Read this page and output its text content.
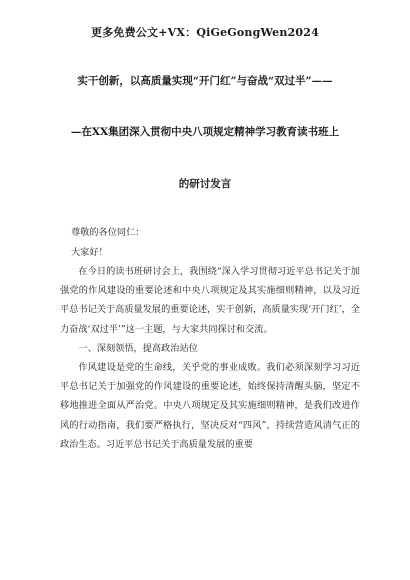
更多免费公文+VX：QiGeGongWen2024
实干创新，以高质量实现“开门红”与奋战“双过半”——
—在XX集团深入贯彻中央八项规定精神学习教育读书班上
的研讨发言
尊敬的各位同仁：
大家好！

在今日的读书班研讨会上，我围绕“深入学习贯彻习近平总书记关于加强党的作风建设的重要论述和中央八项规定及其实施细则精神，以及习近平总书记关于高质量发展的重要论述，实干创新，高质量实现‘开门红’，全力奋战‘双过半’”这一主题，与大家共同探讨和交流。

一、深刻领悟，提高政治站位

作风建设是党的生命线，关乎党的事业成败。我们必须深刻学习习近平总书记关于加强党的作风建设的重要论述，始终保持清醒头脑，坚定不移地推进全面从严治党。中央八项规定及其实施细则精神，是我们改进作风的行动指南，我们要严格执行，坚决反对“四风”，持续营造风清气正的政治生态。习近平总书记关于高质量发展的重要
